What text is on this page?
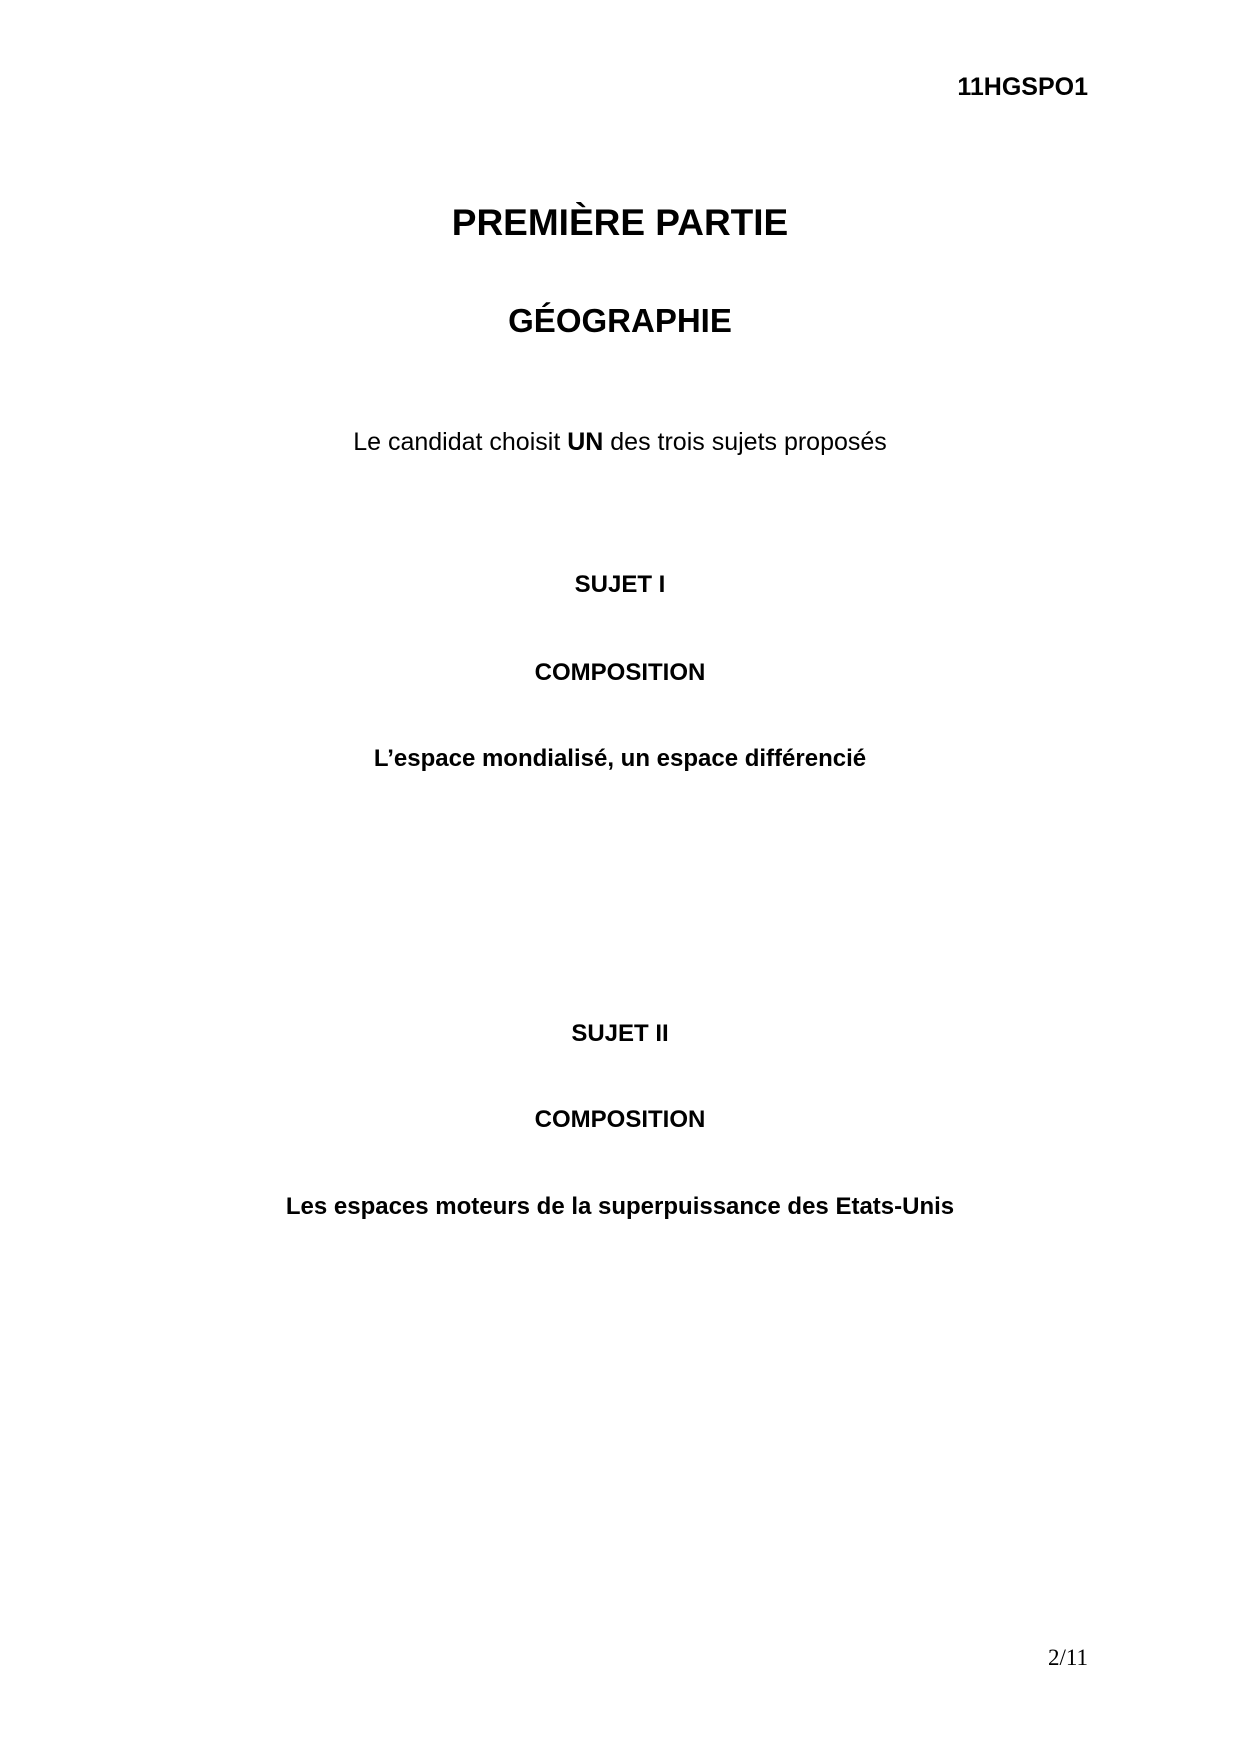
11HGSPO1
PREMIÈRE PARTIE
GÉOGRAPHIE
Le candidat choisit UN des trois sujets proposés
SUJET I
COMPOSITION
L’espace mondialisé, un espace différencié
SUJET II
COMPOSITION
Les espaces moteurs de la superpuissance des Etats-Unis
2/11
